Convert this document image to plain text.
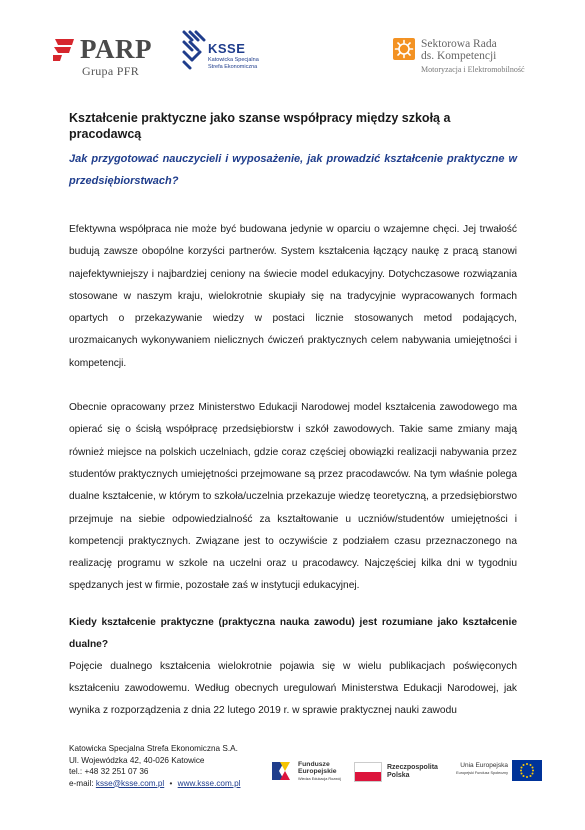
PARP
Grupa PFR
KSSE
Katowicka Specjalna Strefa Ekonomiczna
Sektorowa Rada
ds. Kompetencji
Motoryzacja i Elektromobilność
Kształcenie praktyczne jako szanse współpracy między szkołą a pracodawcą

Jak przygotować nauczycieli i wyposażenie, jak prowadzić kształcenie praktyczne w przedsiębiorstwach?

Efektywna współpraca nie może być budowana jedynie w oparciu o wzajemne chęci. Jej trwałość budują zawsze obopólne korzyści partnerów. System kształcenia łączący naukę z pracą stanowi najefektywniejszy i najbardziej ceniony na świecie model edukacyjny. Dotychczasowe rozwiązania stosowane w naszym kraju, wielokrotnie skupiały się na tradycyjnie wypracowanych formach opartych o przekazywanie wiedzy w postaci licznie stosowanych metod podających, urozmaicanych wykonywaniem nielicznych ćwiczeń praktycznych celem nabywania umiejętności i kompetencji.

Obecnie opracowany przez Ministerstwo Edukacji Narodowej model kształcenia zawodowego ma opierać się o ścisłą współpracę przedsiębiorstw i szkół zawodowych. Takie same zmiany mają również miejsce na polskich uczelniach, gdzie coraz częściej obowiązki realizacji nabywania przez studentów praktycznych umiejętności przejmowane są przez pracodawców. Na tym właśnie polega dualne kształcenie, w którym to szkoła/uczelnia przekazuje wiedzę teoretyczną, a przedsiębiorstwo przejmuje na siebie odpowiedzialność za kształtowanie u uczniów/studentów umiejętności i kompetencji praktycznych. Związane jest to oczywiście z podziałem czasu przeznaczonego na realizację programu w szkole na uczelni oraz u pracodawcy. Najczęściej kilka dni w tygodniu spędzanych jest w firmie, pozostałe zaś w instytucji edukacyjnej.

Kiedy kształcenie praktyczne (praktyczna nauka zawodu) jest rozumiane jako kształcenie dualne?

Pojęcie dualnego kształcenia wielokrotnie pojawia się w wielu publikacjach poświęconych kształceniu zawodowemu. Według obecnych uregulowań Ministerstwa Edukacji Narodowej, jak wynika z rozporządzenia z dnia 22 lutego 2019 r. w sprawie praktycznej nauki zawodu

Katowicka Specjalna Strefa Ekonomiczna S.A.
Ul. Wojewódzka 42, 40-026 Katowice
tel.: +48 32 251 07 36
e-mail: ksse@ksse.com.pl • www.ksse.com.pl
Fundusze Europejskie
Wiedza Edukacja Rozwój
Rzeczpospolita Polska
Unia Europejska
Europejski Fundusz Społeczny
